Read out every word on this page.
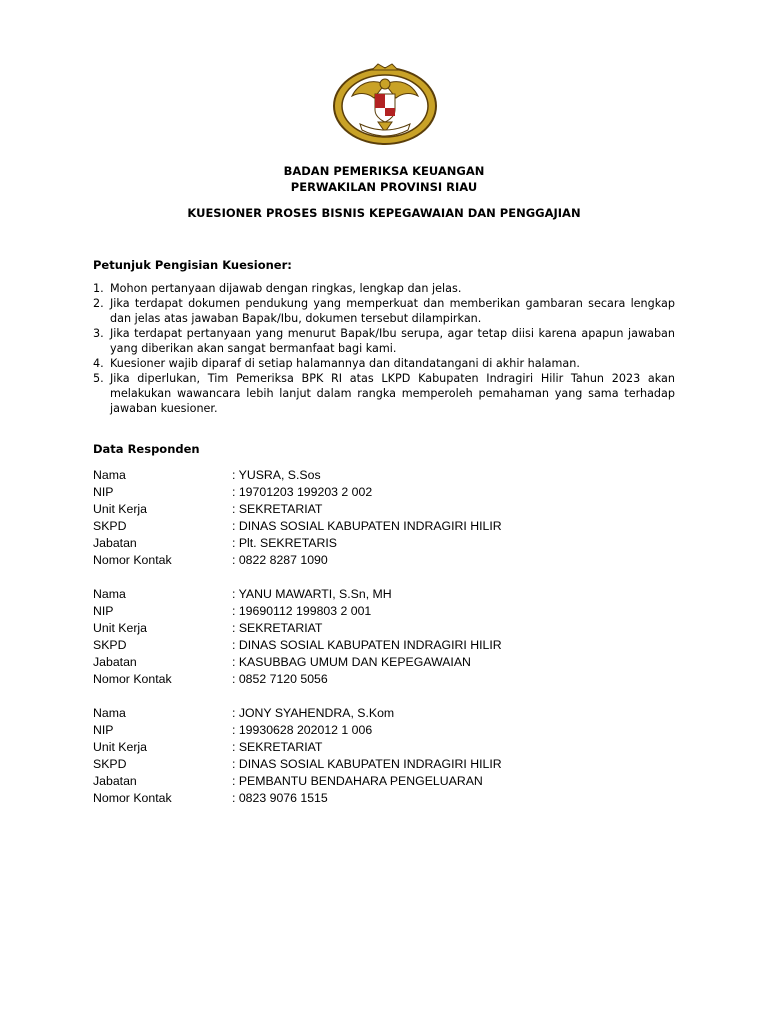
BADAN PEMERIKSA KEUANGAN
PERWAKILAN PROVINSI RIAU
KUESIONER PROSES BISNIS KEPEGAWAIAN DAN PENGGAJIAN
Petunjuk Pengisian Kuesioner:
1. Mohon pertanyaan dijawab dengan ringkas, lengkap dan jelas.
2. Jika terdapat dokumen pendukung yang memperkuat dan memberikan gambaran secara lengkap dan jelas atas jawaban Bapak/Ibu, dokumen tersebut dilampirkan.
3. Jika terdapat pertanyaan yang menurut Bapak/Ibu serupa, agar tetap diisi karena apapun jawaban yang diberikan akan sangat bermanfaat bagi kami.
4. Kuesioner wajib diparaf di setiap halamannya dan ditandatangani di akhir halaman.
5. Jika diperlukan, Tim Pemeriksa BPK RI atas LKPD Kabupaten Indragiri Hilir Tahun 2023 akan melakukan wawancara lebih lanjut dalam rangka memperoleh pemahaman yang sama terhadap jawaban kuesioner.
Data Responden
Nama	: YUSRA, S.Sos
NIP	: 19701203 199203 2 002
Unit Kerja	: SEKRETARIAT
SKPD	: DINAS SOSIAL KABUPATEN INDRAGIRI HILIR
Jabatan	: Plt. SEKRETARIS
Nomor Kontak	: 0822 8287 1090
Nama	: YANU MAWARTI, S.Sn, MH
NIP	: 19690112 199803 2 001
Unit Kerja	: SEKRETARIAT
SKPD	: DINAS SOSIAL KABUPATEN INDRAGIRI HILIR
Jabatan	: KASUBBAG UMUM DAN KEPEGAWAIAN
Nomor Kontak	: 0852 7120 5056
Nama	: JONY SYAHENDRA, S.Kom
NIP	: 19930628 202012 1 006
Unit Kerja	: SEKRETARIAT
SKPD	: DINAS SOSIAL KABUPATEN INDRAGIRI HILIR
Jabatan	: PEMBANTU BENDAHARA PENGELUARAN
Nomor Kontak	: 0823 9076 1515
